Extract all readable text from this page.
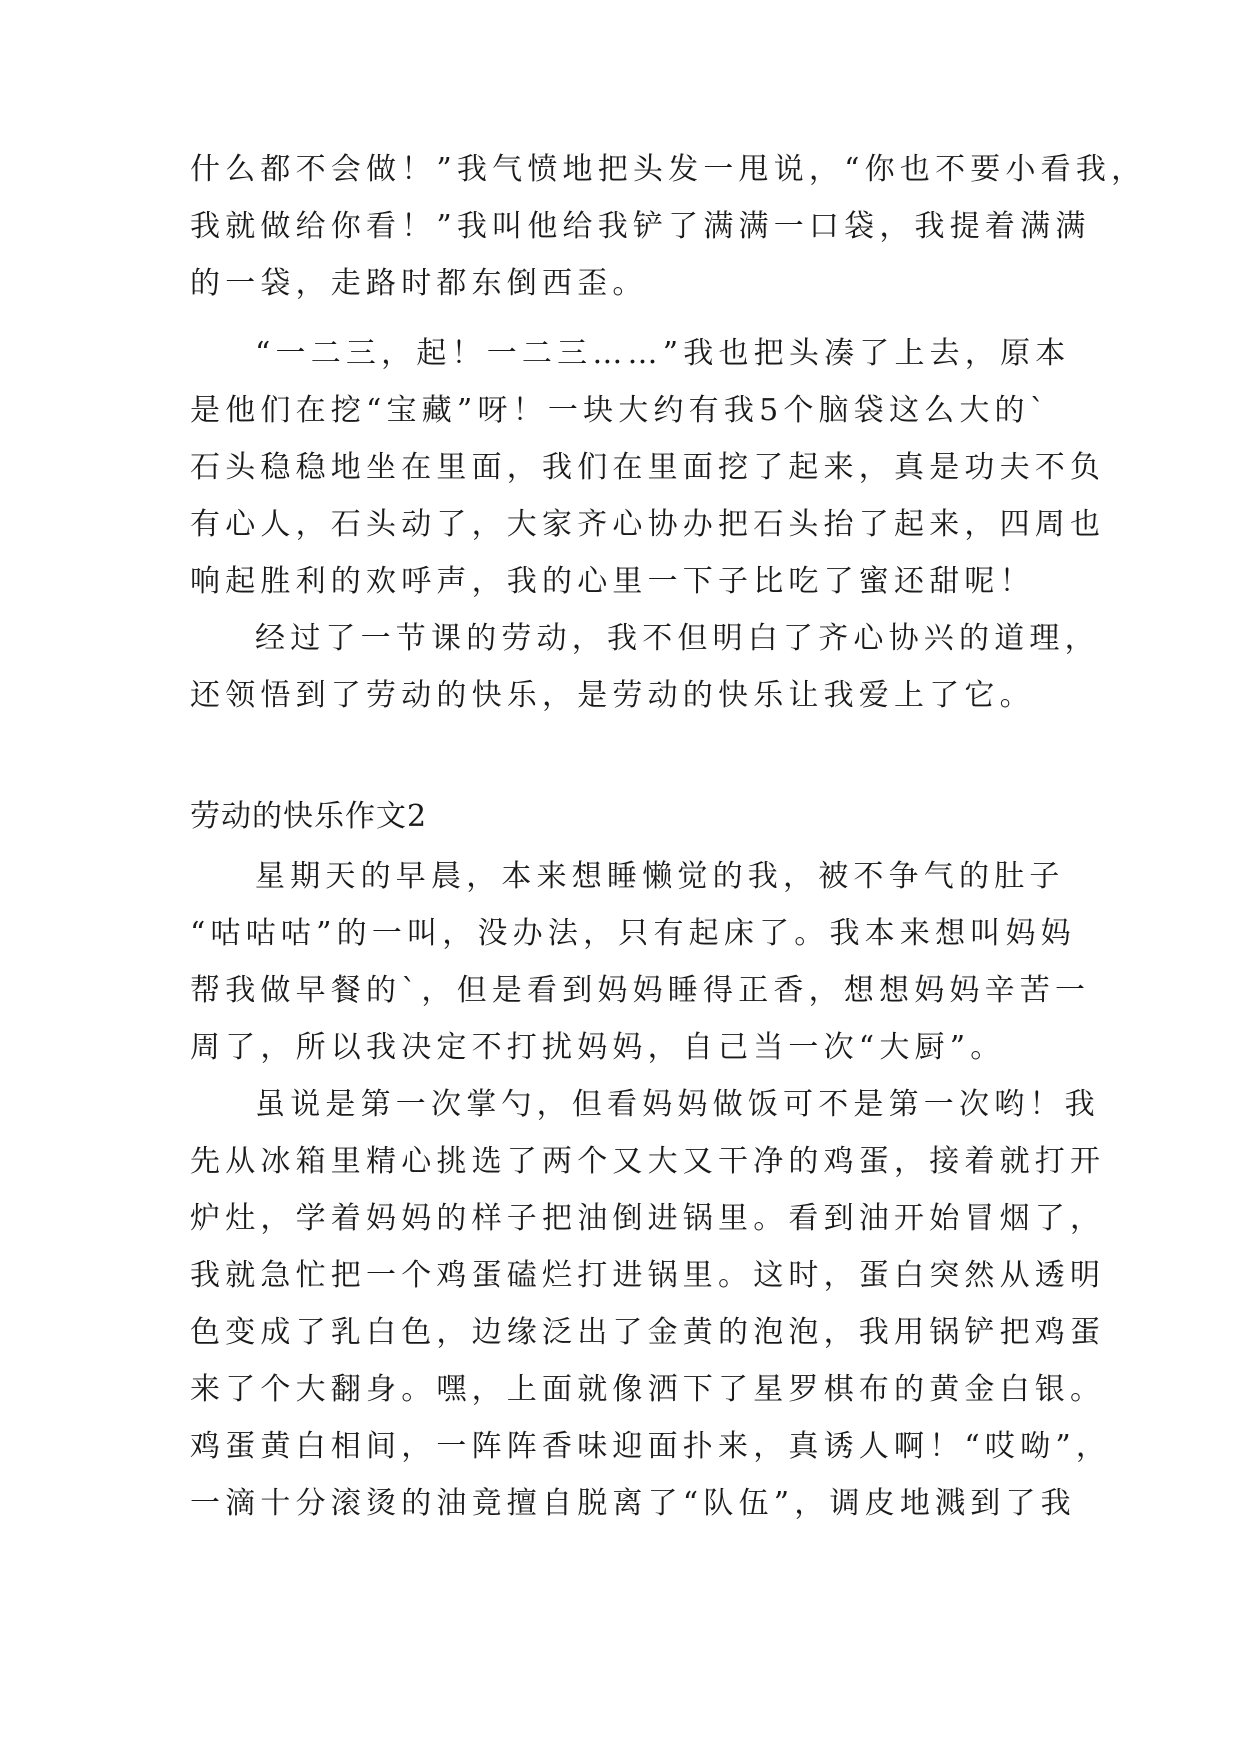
什么都不会做！”我气愤地把头发一甩说，“你也不要小看我，
我就做给你看！”我叫他给我铲了满满一口袋，我提着满满
的一袋，走路时都东倒西歪。
“一二三，起！一二三……”我也把头凑了上去，原本
是他们在挖“宝藏”呀！一块大约有我5个脑袋这么大的`
石头稳稳地坐在里面，我们在里面挖了起来，真是功夫不负
有心人，石头动了，大家齐心协办把石头抬了起来，四周也
响起胜利的欢呼声，我的心里一下子比吃了蜜还甜呢！
经过了一节课的劳动，我不但明白了齐心协兴的道理，
还领悟到了劳动的快乐，是劳动的快乐让我爱上了它。
劳动的快乐作文2
星期天的早晨，本来想睡懒觉的我，被不争气的肚子
“咕咕咕”的一叫，没办法，只有起床了。我本来想叫妈妈
帮我做早餐的`，但是看到妈妈睡得正香，想想妈妈辛苦一
周了，所以我决定不打扰妈妈，自己当一次“大厨”。
虽说是第一次掌勺，但看妈妈做饭可不是第一次哟！我
先从冰箱里精心挑选了两个又大又干净的鸡蛋，接着就打开
炉灶，学着妈妈的样子把油倒进锅里。看到油开始冒烟了，
我就急忙把一个鸡蛋磕烂打进锅里。这时，蛋白突然从透明
色变成了乳白色，边缘泛出了金黄的泡泡，我用锅铲把鸡蛋
来了个大翻身。嘿，上面就像洒下了星罗棋布的黄金白银。
鸡蛋黄白相间，一阵阵香味迎面扑来，真诱人啊！“哎呦”，
一滴十分滚烫的油竟擅自脱离了“队伍”，调皮地溅到了我
